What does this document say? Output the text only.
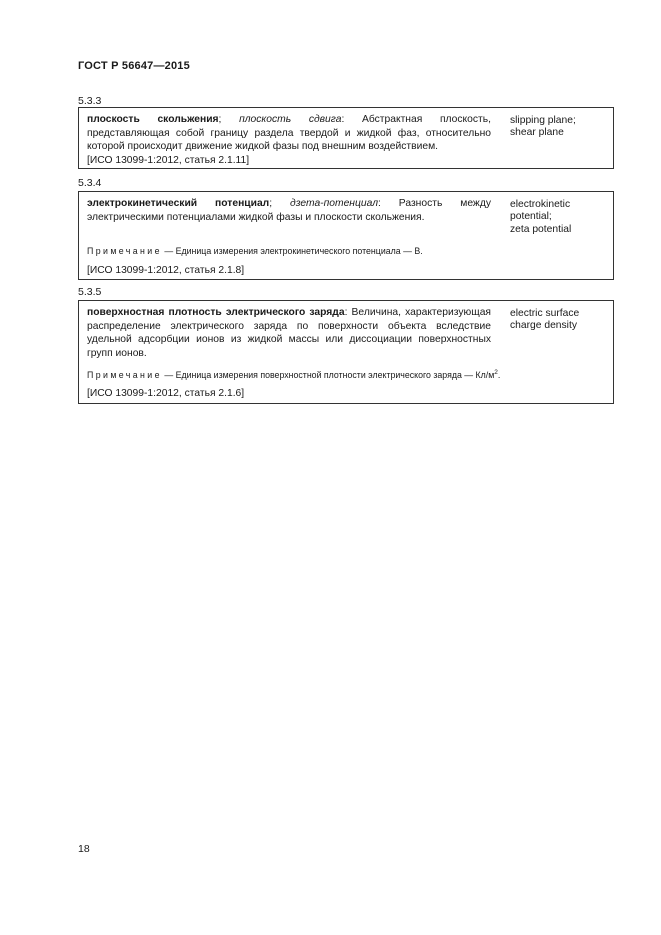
ГОСТ Р 56647—2015
5.3.3

плоскость скольжения; плоскость сдвига: Абстрактная плоскость, представляющая собой границу раздела твердой и жидкой фаз, относительно которой происходит движение жидкой фазы под внешним воздействием.

[ИСО 13099-1:2012, статья 2.1.11]
slipping plane;
shear plane
5.3.4

электрокинетический потенциал; дзета-потенциал: Разность между электрическими потенциалами жидкой фазы и плоскости скольжения.

Примечание — Единица измерения электрокинетического потенциала — В.
[ИСО 13099-1:2012, статья 2.1.8]
electrokinetic
potential;
zeta potential
5.3.5

поверхностная плотность электрического заряда: Величина, характеризующая распределение электрического заряда по поверхности объекта вследствие удельной адсорбции ионов из жидкой массы или диссоциации поверхностных групп ионов.

Примечание — Единица измерения поверхностной плотности электрического заряда — $Кл/м^2$.
[ИСО 13099-1:2012, статья 2.1.6]
electric surface
charge density
18
